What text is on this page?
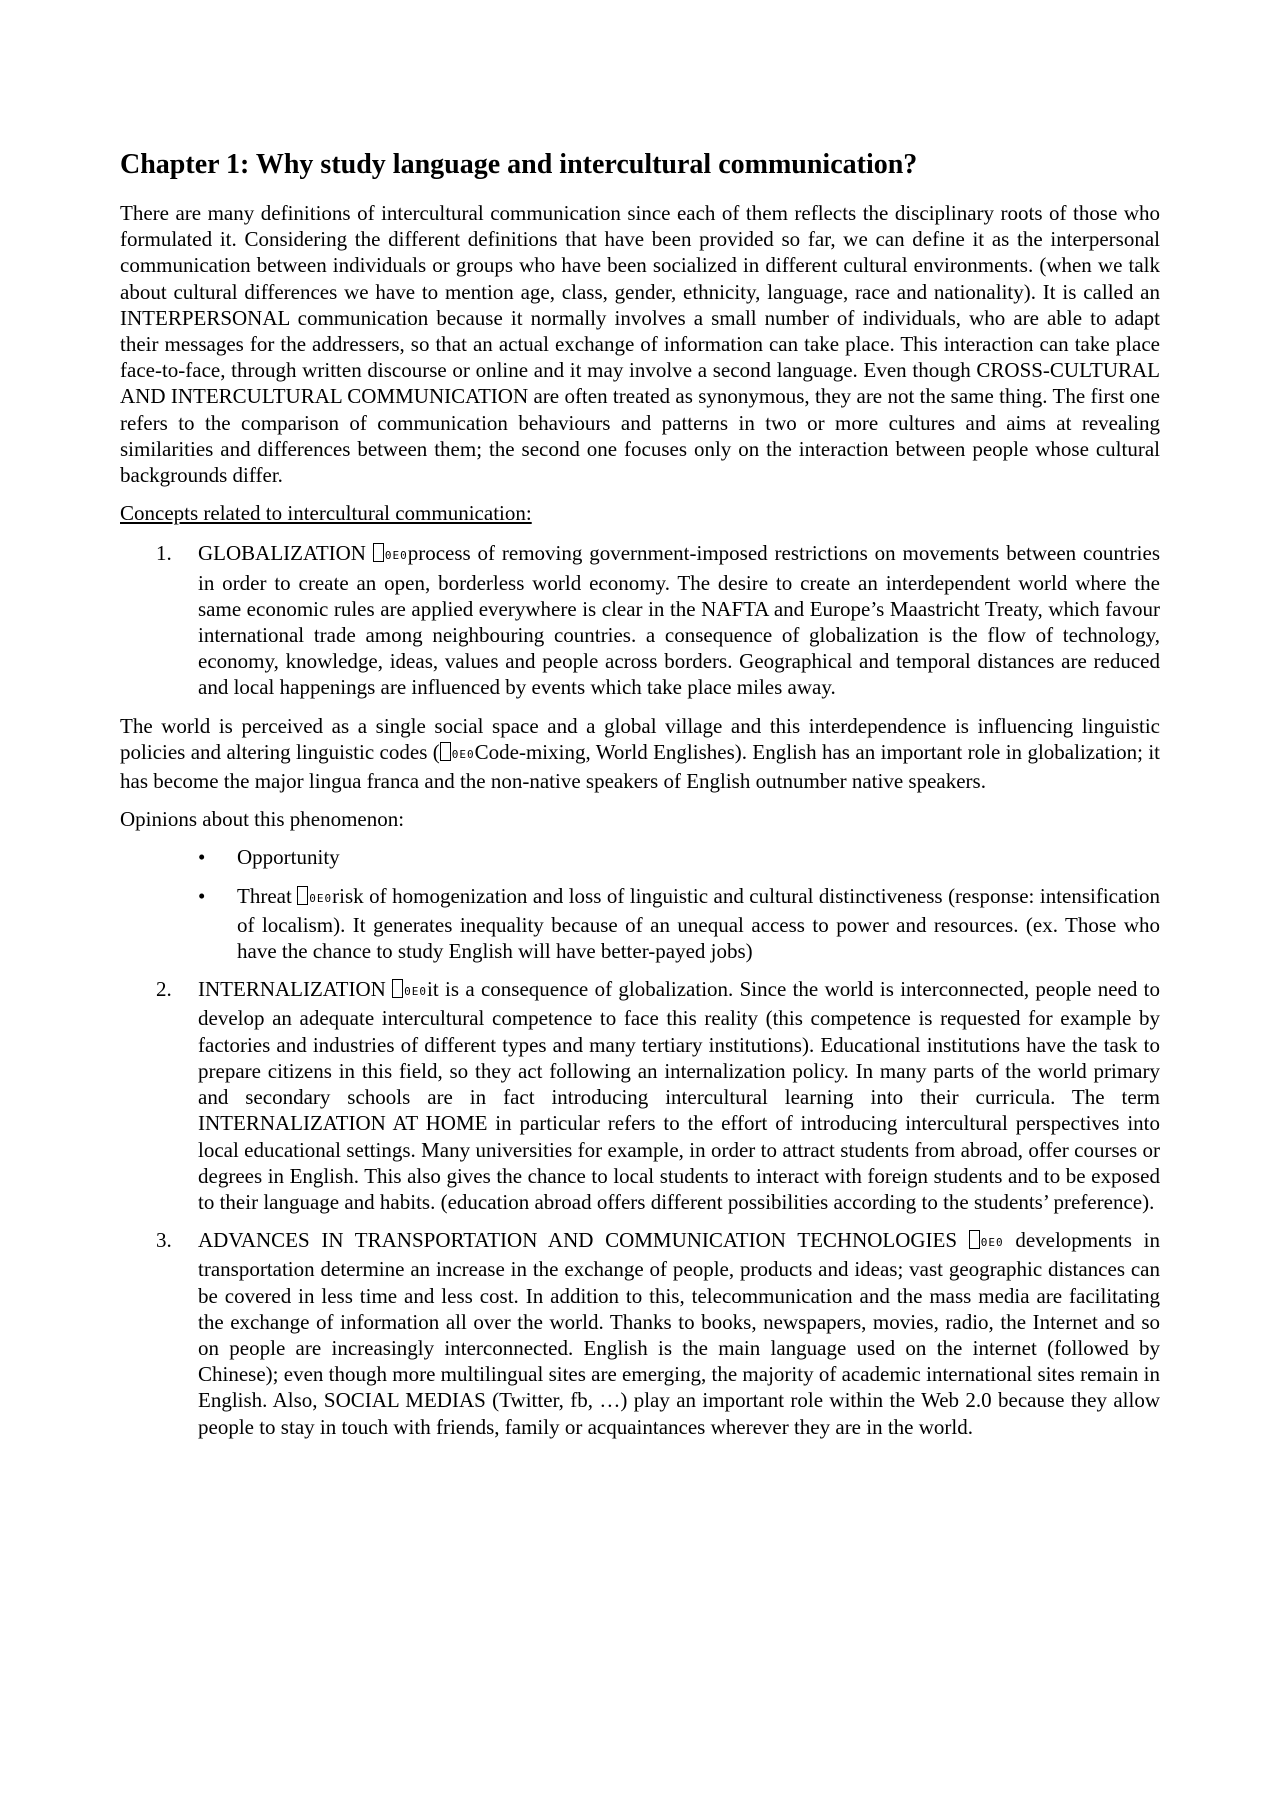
Chapter 1: Why study language and intercultural communication?

There are many definitions of intercultural communication since each of them reflects the disciplinary roots of those who formulated it. Considering the different definitions that have been provided so far, we can define it as the interpersonal communication between individuals or groups who have been socialized in different cultural environments. (when we talk about cultural differences we have to mention age, class, gender, ethnicity, language, race and nationality). It is called an INTERPERSONAL communication because it normally involves a small number of individuals, who are able to adapt their messages for the addressers, so that an actual exchange of information can take place. This interaction can take place face-to-face, through written discourse or online and it may involve a second language. Even though CROSS-CULTURAL AND INTERCULTURAL COMMUNICATION are often treated as synonymous, they are not the same thing. The first one refers to the comparison of communication behaviours and patterns in two or more cultures and aims at revealing similarities and differences between them; the second one focuses only on the interaction between people whose cultural backgrounds differ.

Concepts related to intercultural communication:

1. GLOBALIZATION 0E0process of removing government-imposed restrictions on movements between countries in order to create an open, borderless world economy. The desire to create an interdependent world where the same economic rules are applied everywhere is clear in the NAFTA and Europe’s Maastricht Treaty, which favour international trade among neighbouring countries. a consequence of globalization is the flow of technology, economy, knowledge, ideas, values and people across borders. Geographical and temporal distances are reduced and local happenings are influenced by events which take place miles away.

The world is perceived as a single social space and a global village and this interdependence is influencing linguistic policies and altering linguistic codes ( 0E0Code-mixing, World Englishes). English has an important role in globalization; it has become the major lingua franca and the non-native speakers of English outnumber native speakers.

Opinions about this phenomenon:

• Opportunity
• Threat 0E0risk of homogenization and loss of linguistic and cultural distinctiveness (response: intensification of localism). It generates inequality because of an unequal access to power and resources. (ex. Those who have the chance to study English will have better-payed jobs)
2. INTERNALIZATION 0E0it is a consequence of globalization. Since the world is interconnected, people need to develop an adequate intercultural competence to face this reality (this competence is requested for example by factories and industries of different types and many tertiary institutions). Educational institutions have the task to prepare citizens in this field, so they act following an internalization policy. In many parts of the world primary and secondary schools are in fact introducing intercultural learning into their curricula. The term INTERNALIZATION AT HOME in particular refers to the effort of introducing intercultural perspectives into local educational settings. Many universities for example, in order to attract students from abroad, offer courses or degrees in English. This also gives the chance to local students to interact with foreign students and to be exposed to their language and habits. (education abroad offers different possibilities according to the students’ preference).
3. ADVANCES IN TRANSPORTATION AND COMMUNICATION TECHNOLOGIES 0E0 developments in transportation determine an increase in the exchange of people, products and ideas; vast geographic distances can be covered in less time and less cost. In addition to this, telecommunication and the mass media are facilitating the exchange of information all over the world. Thanks to books, newspapers, movies, radio, the Internet and so on people are increasingly interconnected. English is the main language used on the internet (followed by Chinese); even though more multilingual sites are emerging, the majority of academic international sites remain in English. Also, SOCIAL MEDIAS (Twitter, fb, …) play an important role within the Web 2.0 because they allow people to stay in touch with friends, family or acquaintances wherever they are in the world.
